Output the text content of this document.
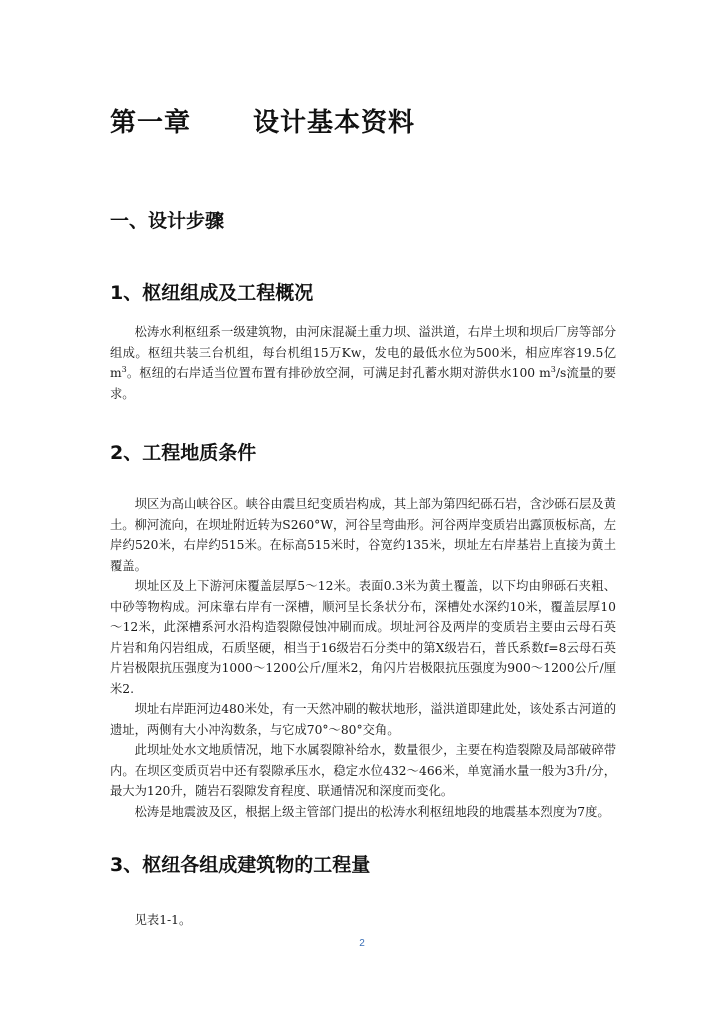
第一章 设计基本资料
一、设计步骤
1、枢纽组成及工程概况

松涛水利枢纽系一级建筑物，由河床混凝土重力坝、溢洪道，右岸土坝和坝后厂房等部分组成。枢纽共装三台机组，每台机组15万Kw，发电的最低水位为500米，相应库容19.5亿$m^3$。枢纽的右岸适当位置布置有排砂放空洞，可满足封孔蓄水期对游供水100 $m^3/s$流量的要求。

2、工程地质条件

坝区为高山峡谷区。峡谷由震旦纪变质岩构成，其上部为第四纪砾石岩，含沙砾石层及黄土。柳河流向，在坝址附近转为S260°W，河谷呈弯曲形。河谷两岸变质岩出露顶板标高，左岸约520米，右岸约515米。在标高515米时，谷宽约135米，坝址左右岸基岩上直接为黄土覆盖。

坝址区及上下游河床覆盖层厚5～12米。表面0.3米为黄土覆盖，以下均由卵砾石夹粗、中砂等物构成。河床靠右岸有一深槽，顺河呈长条状分布，深槽处水深约10米，覆盖层厚10～12米，此深槽系河水沿构造裂隙侵蚀冲刷而成。坝址河谷及两岸的变质岩主要由云母石英片岩和角闪岩组成，石质坚硬，相当于16级岩石分类中的第X级岩石，普氏系数f=8云母石英片岩极限抗压强度为1000～1200公斤/厘米2，角闪片岩极限抗压强度为900～1200公斤/厘米2.

坝址右岸距河边480米处，有一天然冲刷的鞍状地形，溢洪道即建此处，该处系古河道的遗址，两侧有大小冲沟数条，与它成70°～80°交角。

此坝址处水文地质情况，地下水属裂隙补给水，数量很少，主要在构造裂隙及局部破碎带内。在坝区变质页岩中还有裂隙承压水，稳定水位432～466米，单宽涌水量一般为3升/分，最大为120升，随岩石裂隙发育程度、联通情况和深度而变化。

松涛是地震波及区，根据上级主管部门提出的松涛水利枢纽地段的地震基本烈度为7度。

3、枢纽各组成建筑物的工程量

见表1-1。

2
